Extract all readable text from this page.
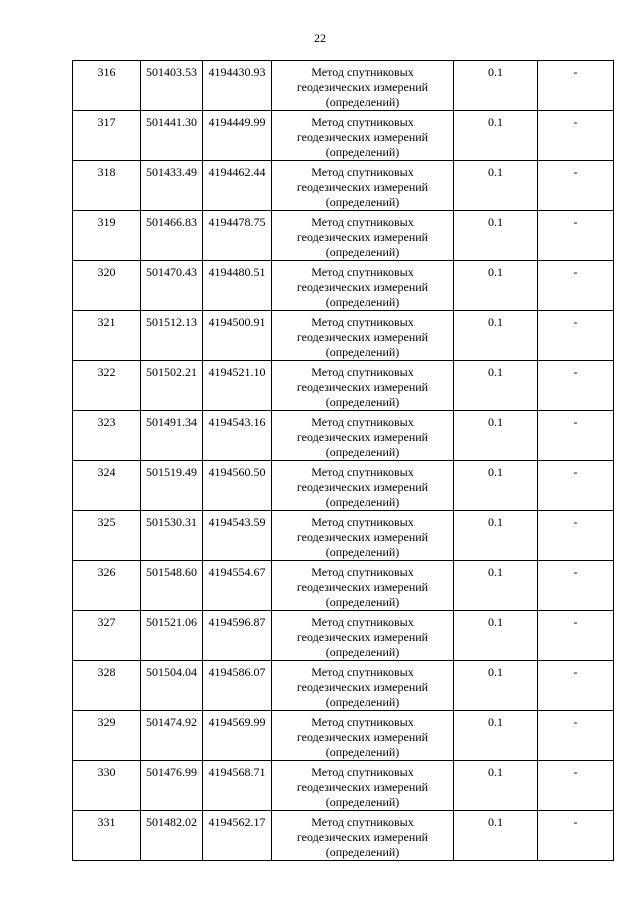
22
316	501403.53	4194430.93	Метод спутниковых
геодезических измерений
(определений)	0.1	-
317	501441.30	4194449.99	Метод спутниковых
геодезических измерений
(определений)	0.1	-
318	501433.49	4194462.44	Метод спутниковых
геодезических измерений
(определений)	0.1	-
319	501466.83	4194478.75	Метод спутниковых
геодезических измерений
(определений)	0.1	-
320	501470.43	4194480.51	Метод спутниковых
геодезических измерений
(определений)	0.1	-
321	501512.13	4194500.91	Метод спутниковых
геодезических измерений
(определений)	0.1	-
322	501502.21	4194521.10	Метод спутниковых
геодезических измерений
(определений)	0.1	-
323	501491.34	4194543.16	Метод спутниковых
геодезических измерений
(определений)	0.1	-
324	501519.49	4194560.50	Метод спутниковых
геодезических измерений
(определений)	0.1	-
325	501530.31	4194543.59	Метод спутниковых
геодезических измерений
(определений)	0.1	-
326	501548.60	4194554.67	Метод спутниковых
геодезических измерений
(определений)	0.1	-
327	501521.06	4194596.87	Метод спутниковых
геодезических измерений
(определений)	0.1	-
328	501504.04	4194586.07	Метод спутниковых
геодезических измерений
(определений)	0.1	-
329	501474.92	4194569.99	Метод спутниковых
геодезических измерений
(определений)	0.1	-
330	501476.99	4194568.71	Метод спутниковых
геодезических измерений
(определений)	0.1	-
331	501482.02	4194562.17	Метод спутниковых
геодезических измерений
(определений)	0.1	-
